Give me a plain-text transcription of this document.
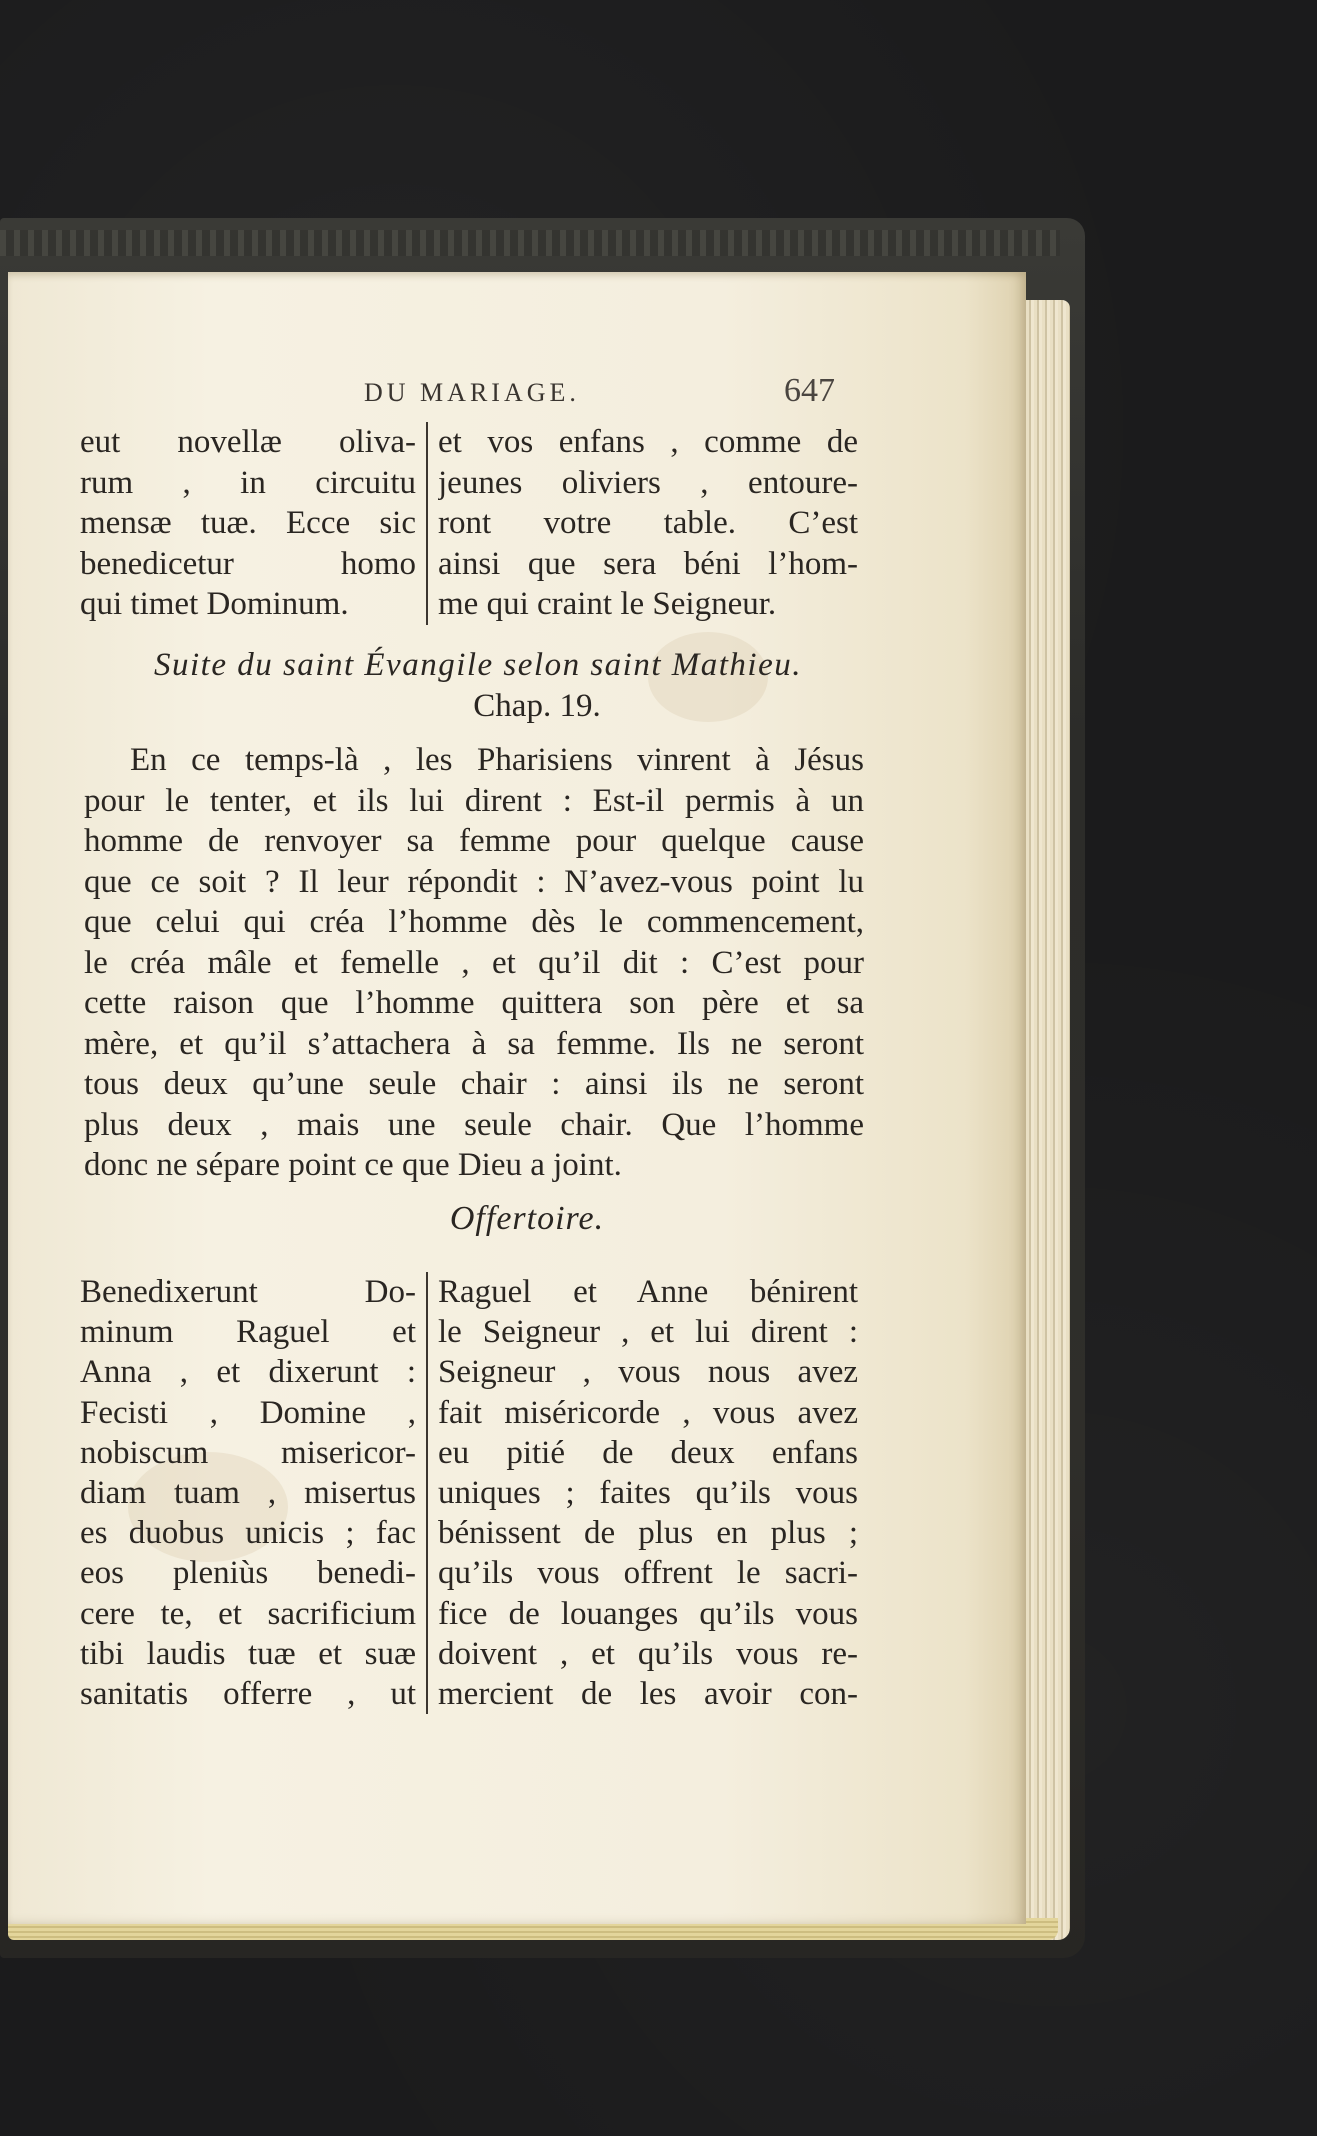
DU MARIAGE.	647
eut novellæ oliva-
rum , in circuitu
mensæ tuæ. Ecce sic
benedicetur homo
qui timet Dominum.
et vos enfans , comme de
jeunes oliviers , entoure-
ront votre table. C’est
ainsi que sera béni l’hom-
me qui craint le Seigneur.
Suite du saint Évangile selon saint Mathieu.
Chap. 19.
En ce temps-là , les Pharisiens vinrent à Jésus
pour le tenter, et ils lui dirent : Est-il permis à un
homme de renvoyer sa femme pour quelque cause
que ce soit ? Il leur répondit : N’avez-vous point lu
que celui qui créa l’homme dès le commencement,
le créa mâle et femelle , et qu’il dit : C’est pour
cette raison que l’homme quittera son père et sa
mère, et qu’il s’attachera à sa femme. Ils ne seront
tous deux qu’une seule chair : ainsi ils ne seront
plus deux , mais une seule chair. Que l’homme
donc ne sépare point ce que Dieu a joint.
Offertoire.
Benedixerunt Do-
minum Raguel et
Anna , et dixerunt :
Fecisti , Domine ,
nobiscum misericor-
diam tuam , misertus
es duobus unicis ; fac
eos pleniùs benedi-
cere te, et sacrificium
tibi laudis tuæ et suæ
sanitatis offerre , ut
Raguel et Anne bénirent
le Seigneur , et lui dirent :
Seigneur , vous nous avez
fait miséricorde , vous avez
eu pitié de deux enfans
uniques ; faites qu’ils vous
bénissent de plus en plus ;
qu’ils vous offrent le sacri-
fice de louanges qu’ils vous
doivent , et qu’ils vous re-
mercient de les avoir con-
